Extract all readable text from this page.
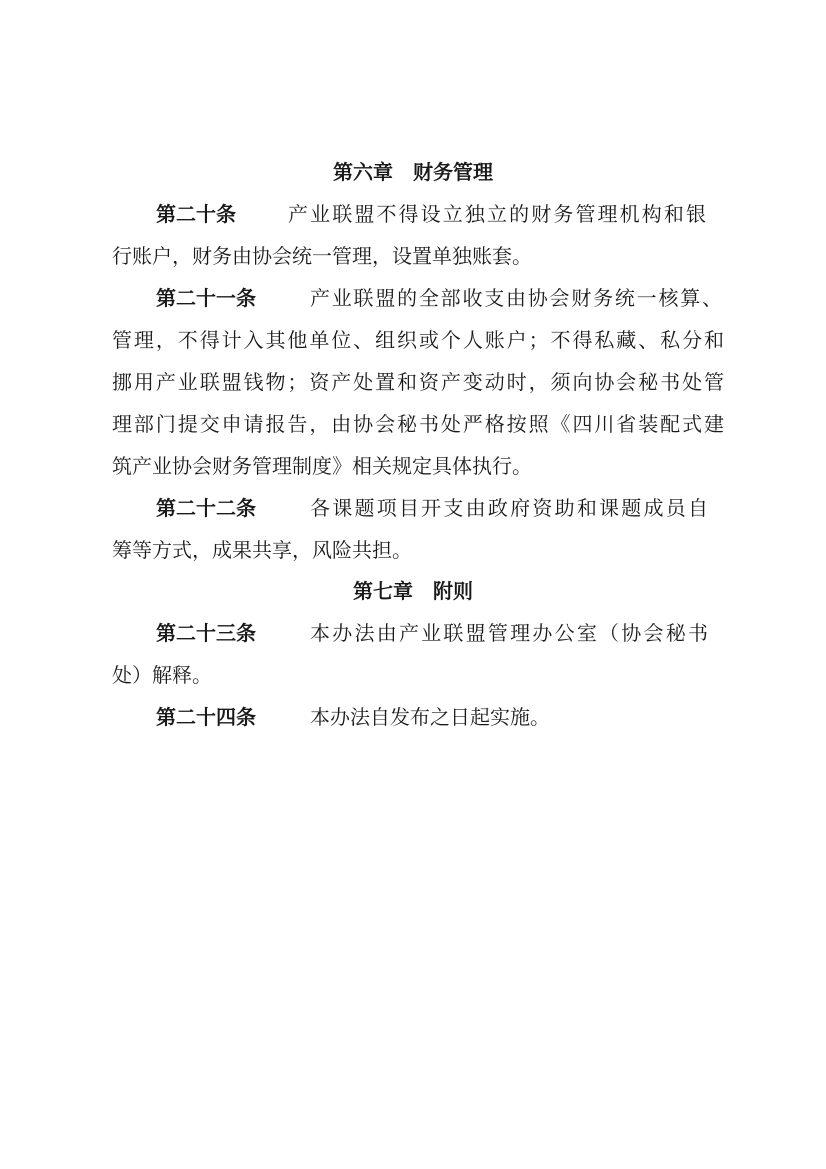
第六章　财务管理
第二十条	产业联盟不得设立独立的财务管理机构和银
行账户，财务由协会统一管理，设置单独账套。
第二十一条	产业联盟的全部收支由协会财务统一核算、
管理，不得计入其他单位、组织或个人账户；不得私藏、私分和
挪用产业联盟钱物；资产处置和资产变动时，须向协会秘书处管
理部门提交申请报告，由协会秘书处严格按照《四川省装配式建
筑产业协会财务管理制度》相关规定具体执行。
第二十二条	各课题项目开支由政府资助和课题成员自
筹等方式，成果共享，风险共担。
第七章　附则
第二十三条	本办法由产业联盟管理办公室（协会秘书
处）解释。
第二十四条	本办法自发布之日起实施。
